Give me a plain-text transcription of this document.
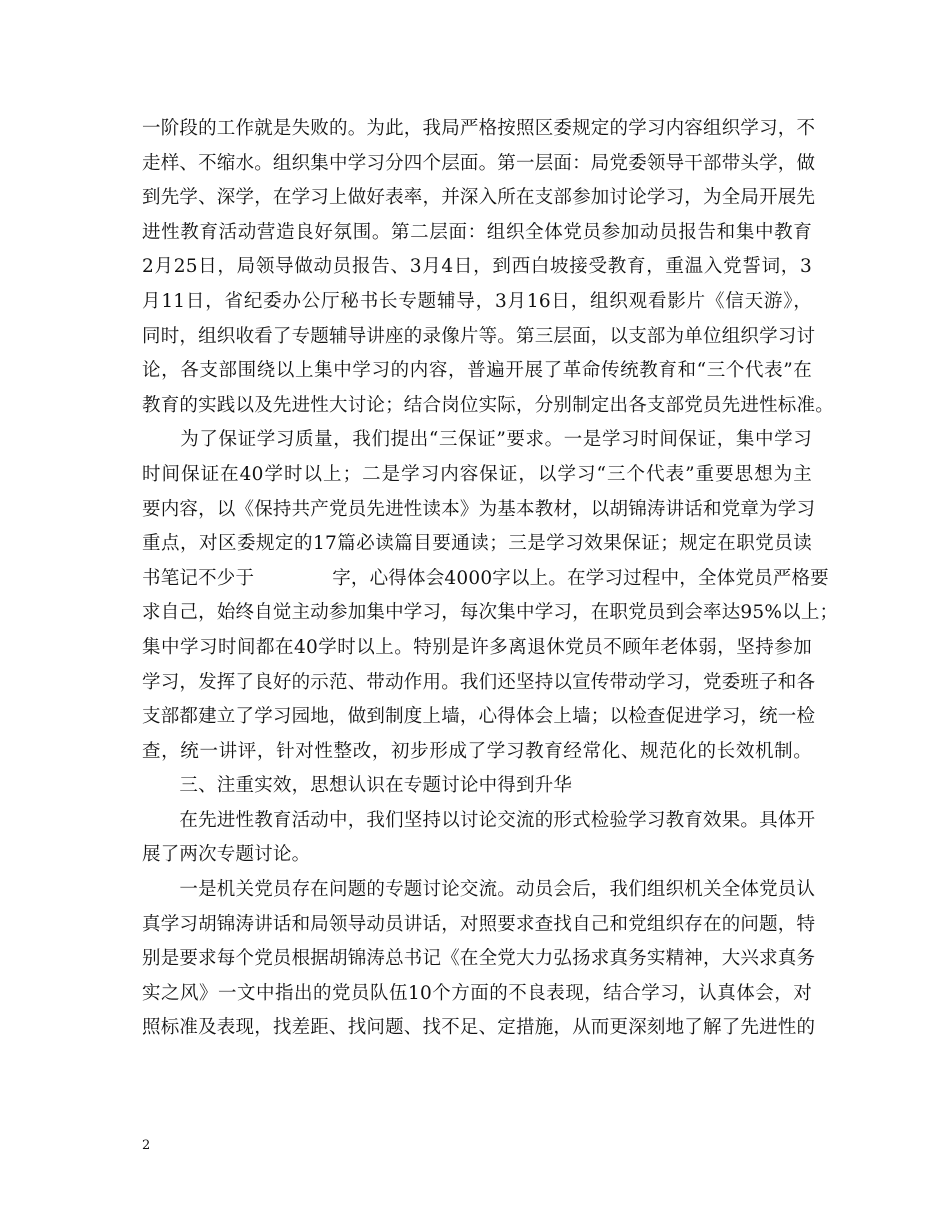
一阶段的工作就是失败的。为此，我局严格按照区委规定的学习内容组织学习，不
走样、不缩水。组织集中学习分四个层面。第一层面：局党委领导干部带头学，做
到先学、深学，在学习上做好表率，并深入所在支部参加讨论学习，为全局开展先
进性教育活动营造良好氛围。第二层面：组织全体党员参加动员报告和集中教育
2月25日，局领导做动员报告、3月4日，到西白坡接受教育，重温入党誓词，3
月11日，省纪委办公厅秘书长专题辅导，3月16日，组织观看影片《信天游》，
同时，组织收看了专题辅导讲座的录像片等。第三层面，以支部为单位组织学习讨
论，各支部围绕以上集中学习的内容，普遍开展了革命传统教育和“三个代表”在
教育的实践以及先进性大讨论；结合岗位实际，分别制定出各支部党员先进性标准。
　　为了保证学习质量，我们提出“三保证”要求。一是学习时间保证，集中学习
时间保证在40学时以上；二是学习内容保证，以学习“三个代表”重要思想为主
要内容，以《保持共产党员先进性读本》为基本教材，以胡锦涛讲话和党章为学习
重点，对区委规定的17篇必读篇目要通读；三是学习效果保证；规定在职党员读
书笔记不少于	字，心得体会4000字以上。在学习过程中，全体党员严格要
求自己，始终自觉主动参加集中学习，每次集中学习，在职党员到会率达95%以上；
集中学习时间都在40学时以上。特别是许多离退休党员不顾年老体弱，坚持参加
学习，发挥了良好的示范、带动作用。我们还坚持以宣传带动学习，党委班子和各
支部都建立了学习园地，做到制度上墙，心得体会上墙；以检查促进学习，统一检
查，统一讲评，针对性整改，初步形成了学习教育经常化、规范化的长效机制。
　　三、注重实效，思想认识在专题讨论中得到升华
　　在先进性教育活动中，我们坚持以讨论交流的形式检验学习教育效果。具体开
展了两次专题讨论。
　　一是机关党员存在问题的专题讨论交流。动员会后，我们组织机关全体党员认
真学习胡锦涛讲话和局领导动员讲话，对照要求查找自己和党组织存在的问题，特
别是要求每个党员根据胡锦涛总书记《在全党大力弘扬求真务实精神，大兴求真务
实之风》一文中指出的党员队伍10个方面的不良表现，结合学习，认真体会，对
照标准及表现，找差距、找问题、找不足、定措施，从而更深刻地了解了先进性的
2
